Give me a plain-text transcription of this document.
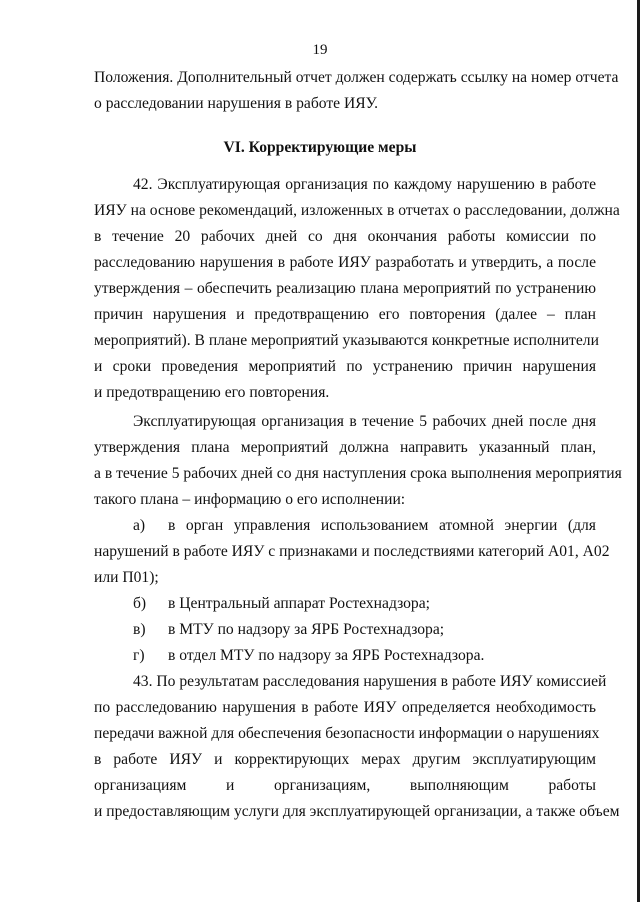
19
Положения. Дополнительный отчет должен содержать ссылку на номер отчета
о расследовании нарушения в работе ИЯУ.
VI. Корректирующие меры
42. Эксплуатирующая организация по каждому нарушению в работе
ИЯУ на основе рекомендаций, изложенных в отчетах о расследовании, должна
в течение 20 рабочих дней со дня окончания работы комиссии по
расследованию нарушения в работе ИЯУ разработать и утвердить, а после
утверждения – обеспечить реализацию плана мероприятий по устранению
причин нарушения и предотвращению его повторения (далее – план
мероприятий). В плане мероприятий указываются конкретные исполнители
и сроки проведения мероприятий по устранению причин нарушения
и предотвращению его повторения.
Эксплуатирующая организация в течение 5 рабочих дней после дня
утверждения плана мероприятий должна направить указанный план,
а в течение 5 рабочих дней со дня наступления срока выполнения мероприятия
такого плана – информацию о его исполнении:
а) в орган управления использованием атомной энергии (для
нарушений в работе ИЯУ с признаками и последствиями категорий А01, А02
или П01);
б) в Центральный аппарат Ростехнадзора;
в) в МТУ по надзору за ЯРБ Ростехнадзора;
г) в отдел МТУ по надзору за ЯРБ Ростехнадзора.
43. По результатам расследования нарушения в работе ИЯУ комиссией
по расследованию нарушения в работе ИЯУ определяется необходимость
передачи важной для обеспечения безопасности информации о нарушениях
в работе ИЯУ и корректирующих мерах другим эксплуатирующим
организациям и организациям, выполняющим работы
и предоставляющим услуги для эксплуатирующей организации, а также объем
